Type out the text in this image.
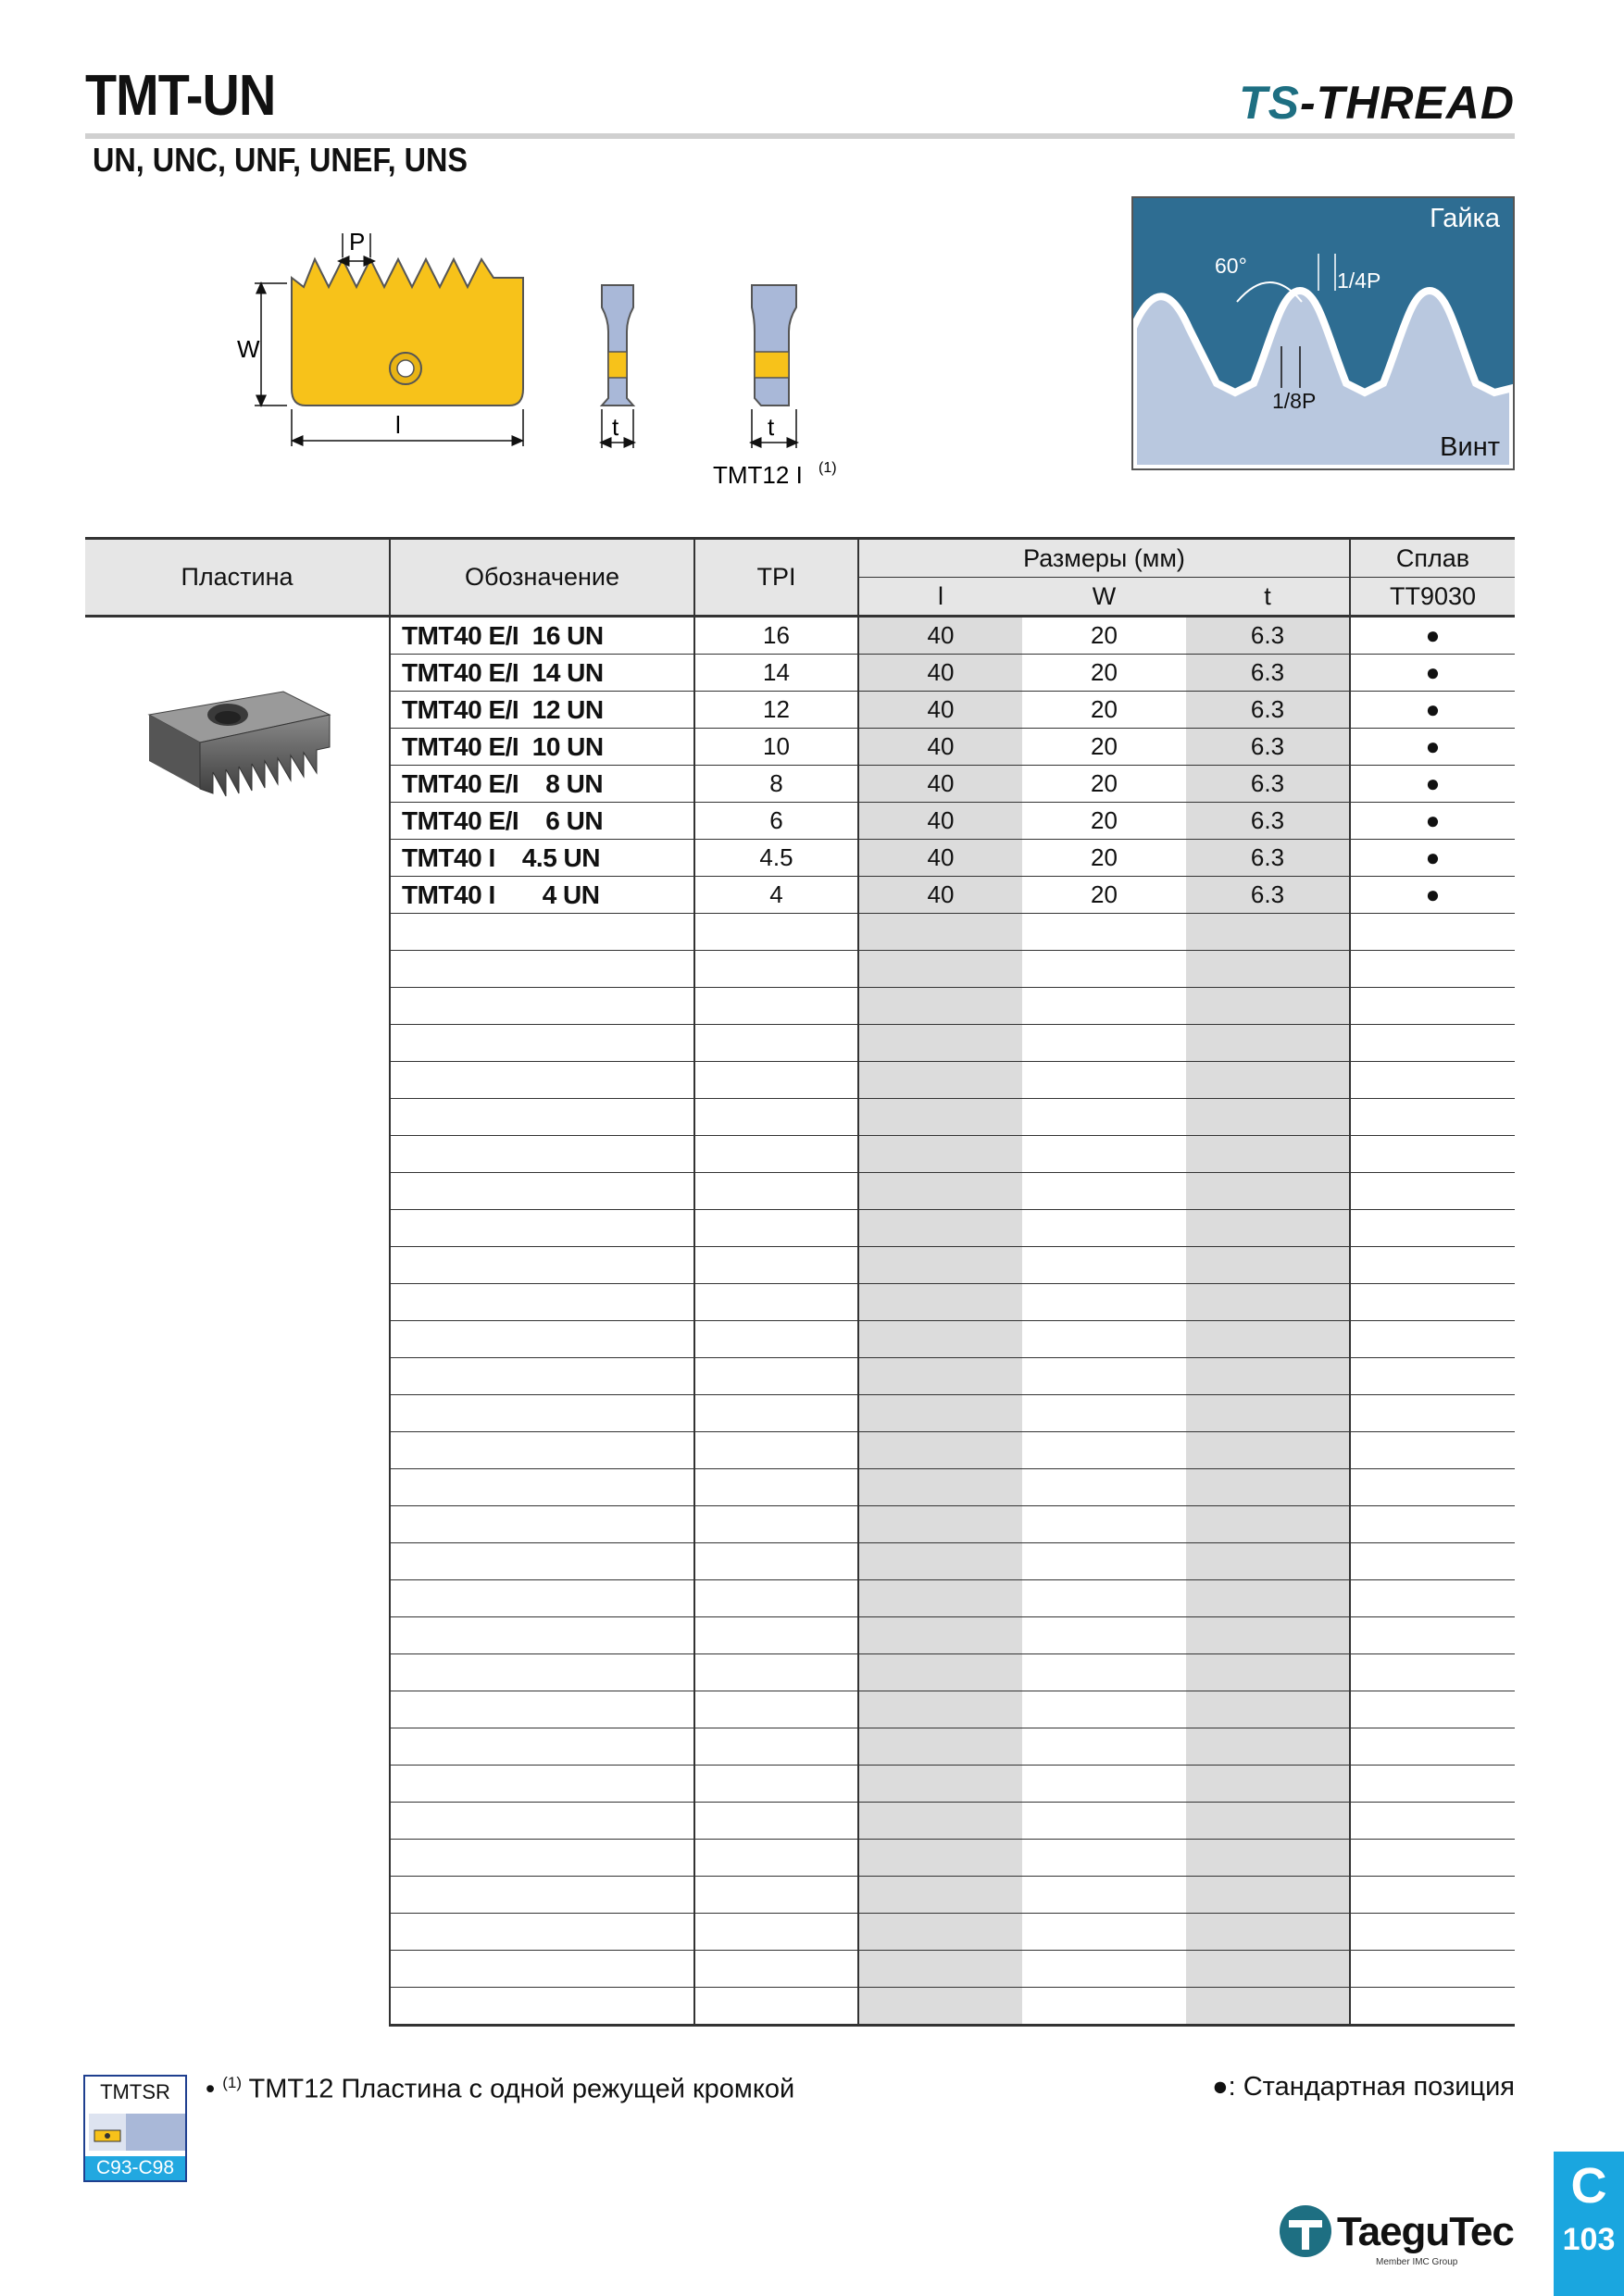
TMT-UN	TS-THREAD
UN, UNC, UNF, UNEF, UNS
P
W
l	t	t
TMT12 I (1)
Гайка
Винт
60°
1/4P
1/8P
Пластина	Обозначение	TPI	Размеры (мм)			Сплав
			l	W	t	TT9030
	TMT40 E/I  16 UN	16	40	20	6.3	●
	TMT40 E/I  14 UN	14	40	20	6.3	●
	TMT40 E/I  12 UN	12	40	20	6.3	●
	TMT40 E/I  10 UN	10	40	20	6.3	●
	TMT40 E/I    8 UN	8	40	20	6.3	●
	TMT40 E/I    6 UN	6	40	20	6.3	●
	TMT40 I    4.5 UN	4.5	40	20	6.3	●
	TMT40 I       4 UN	4	40	20	6.3	●

TMTSR
C93-C98
• $^{(1)}$ TMT12 Пластина с одной режущей кромкой	●: Стандартная позиция
TaeguTec
Member IMC Group
C
103
